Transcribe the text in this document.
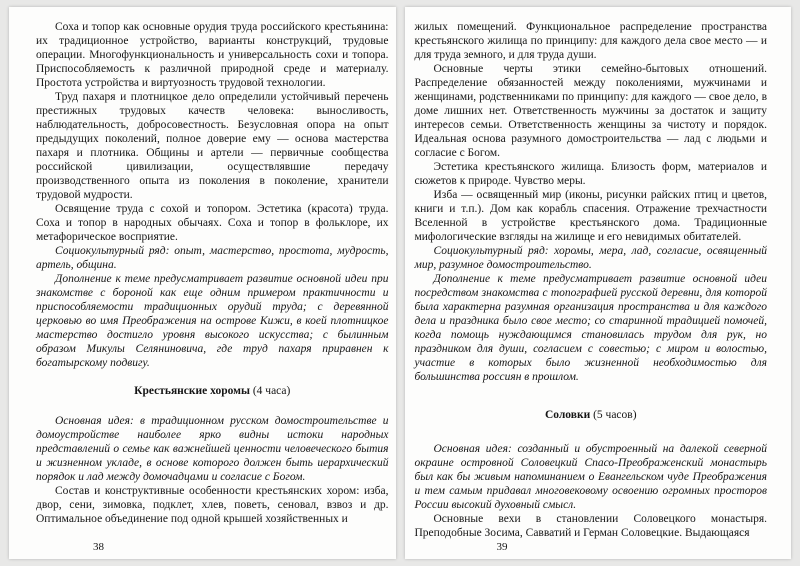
Соха и топор как основные орудия труда российского крестьянина: их традиционное устройство, варианты конструкций, трудовые операции. Многофункциональность и универсальность сохи и топора. Приспособляемость к различной природной среде и материалу. Простота устройства и виртуозность трудовой технологии.

Труд пахаря и плотницкое дело определили устойчивый перечень престижных трудовых качеств человека: выносливость, наблюдательность, добросовестность. Безусловная опора на опыт предыдущих поколений, полное доверие ему — основа мастерства пахаря и плотника. Общины и артели — первичные сообщества российской цивилизации, осуществлявшие передачу производственного опыта из поколения в поколение, хранители трудовой мудрости.

Освящение труда с сохой и топором. Эстетика (красота) труда. Соха и топор в народных обычаях. Соха и топор в фольклоре, их метафорическое восприятие.

Социокультурный ряд: опыт, мастерство, простота, мудрость, артель, община.

Дополнение к теме предусматривает развитие основной идеи при знакомстве с бороной как еще одним примером практичности и приспособляемости традиционных орудий труда; с деревянной церковью во имя Преображения на острове Кижи, в коей плотницкое мастерство достигло уровня высокого искусства; с былинным образом Микулы Селяниновича, где труд пахаря приравнен к богатырскому подвигу.

Крестьянские хоромы (4 часа)

Основная идея: в традиционном русском домостроительстве и домоустройстве наиболее ярко видны истоки народных представлений о семье как важнейшей ценности человеческого бытия и жизненном укладе, в основе которого должен быть иерархический порядок и лад между домочадцами и согласие с Богом.

Состав и конструктивные особенности крестьянских хором: изба, двор, сени, зимовка, подклет, хлев, поветь, сеновал, взвоз и др. Оптимальное объединение под одной крышей хозяйственных и

38

жилых помещений. Функциональное распределение пространства крестьянского жилища по принципу: для каждого дела свое место — и для труда земного, и для труда души.

Основные черты этики семейно-бытовых отношений. Распределение обязанностей между поколениями, мужчинами и женщинами, родственниками по принципу: для каждого — свое дело, в доме лишних нет. Ответственность мужчины за достаток и защиту интересов семьи. Ответственность женщины за чистоту и порядок. Идеальная основа разумного домостроительства — лад с людьми и согласие с Богом.

Эстетика крестьянского жилища. Близость форм, материалов и сюжетов к природе. Чувство меры.

Изба — освященный мир (иконы, рисунки райских птиц и цветов, книги и т.п.). Дом как корабль спасения. Отражение трехчастности Вселенной в устройстве крестьянского дома. Традиционные мифологические взгляды на жилище и его невидимых обитателей.

Социокультурный ряд: хоромы, мера, лад, согласие, освященный мир, разумное домостроительство.

Дополнение к теме предусматривает развитие основной идеи посредством знакомства с топографией русской деревни, для которой была характерна разумная организация пространства и для каждого дела и праздника было свое место; со старинной традицией помочей, когда помощь нуждающимся становилась трудом для рук, но праздником для души, согласием с совестью; с миром и волостью, участие в которых было жизненной необходимостью для большинства россиян в прошлом.

Соловки (5 часов)

Основная идея: созданный и обустроенный на далекой северной окраине островной Соловецкий Спасо-Преображенский монастырь был как бы живым напоминанием о Евангельском чуде Преображения и тем самым придавал многовековому освоению огромных просторов России высокий духовный смысл.

Основные вехи в становлении Соловецкого монастыря. Преподобные Зосима, Савватий и Герман Соловецкие. Выдающаяся

39
